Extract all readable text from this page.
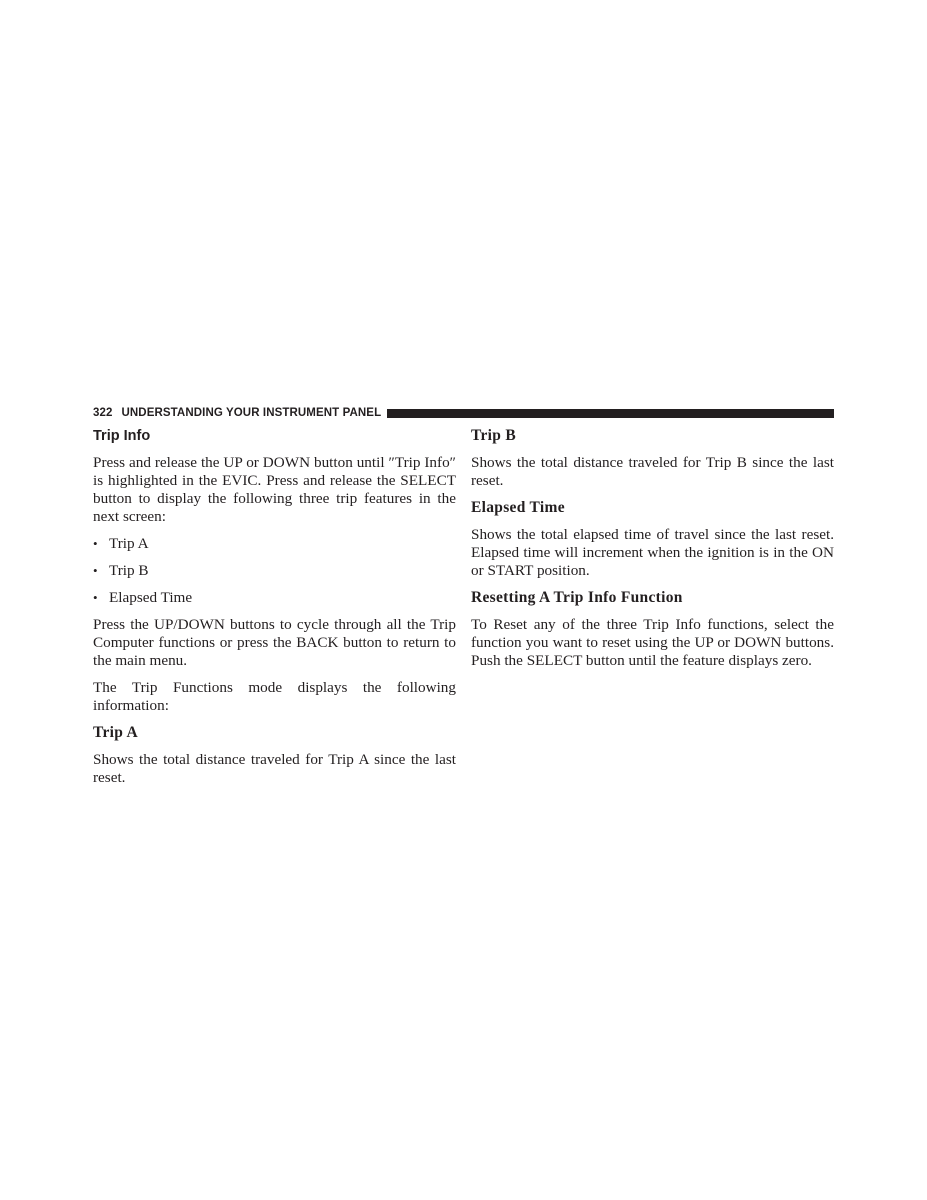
322 UNDERSTANDING YOUR INSTRUMENT PANEL
Trip Info

Press and release the UP or DOWN button until ″Trip Info″ is highlighted in the EVIC. Press and release the SELECT button to display the following three trip features in the next screen:

• Trip A
• Trip B
• Elapsed Time

Press the UP/DOWN buttons to cycle through all the Trip Computer functions or press the BACK button to return to the main menu.

The Trip Functions mode displays the following information:

Trip A

Shows the total distance traveled for Trip A since the last reset.

Trip B

Shows the total distance traveled for Trip B since the last reset.

Elapsed Time

Shows the total elapsed time of travel since the last reset. Elapsed time will increment when the ignition is in the ON or START position.

Resetting A Trip Info Function

To Reset any of the three Trip Info functions, select the function you want to reset using the UP or DOWN buttons. Push the SELECT button until the feature displays zero.
